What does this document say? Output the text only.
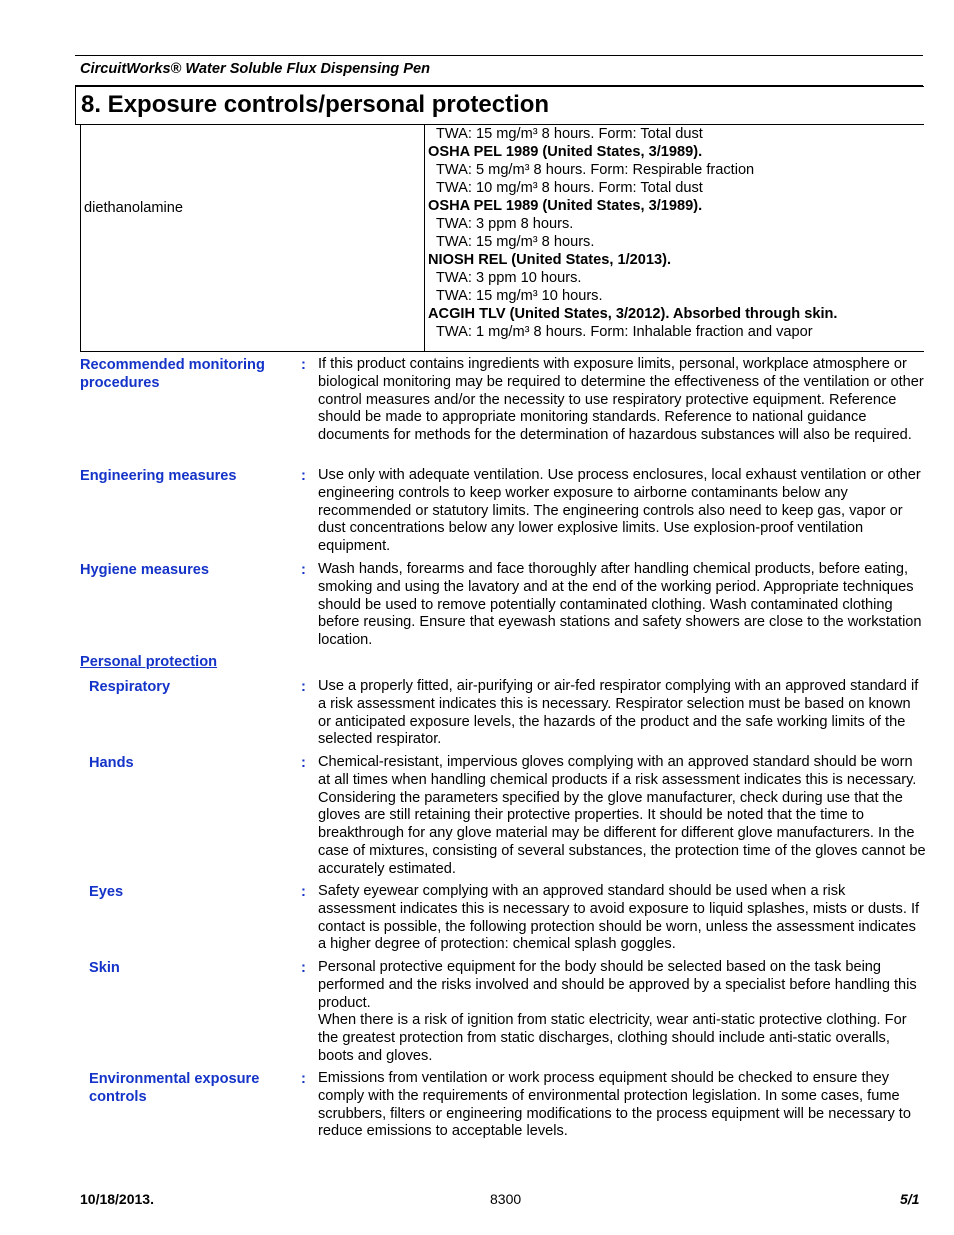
CircuitWorks® Water Soluble Flux Dispensing Pen
8. Exposure controls/personal protection
diethanolamine
TWA: 15 mg/m³ 8 hours. Form: Total dust
OSHA PEL 1989 (United States, 3/1989).
TWA: 5 mg/m³ 8 hours. Form: Respirable fraction
TWA: 10 mg/m³ 8 hours. Form: Total dust
OSHA PEL 1989 (United States, 3/1989).
TWA: 3 ppm 8 hours.
TWA: 15 mg/m³ 8 hours.
NIOSH REL (United States, 1/2013).
TWA: 3 ppm 10 hours.
TWA: 15 mg/m³ 10 hours.
ACGIH TLV (United States, 3/2012). Absorbed through skin.
TWA: 1 mg/m³ 8 hours. Form: Inhalable fraction and vapor
Recommended monitoring procedures
: If this product contains ingredients with exposure limits, personal, workplace atmosphere or biological monitoring may be required to determine the effectiveness of the ventilation or other control measures and/or the necessity to use respiratory protective equipment. Reference should be made to appropriate monitoring standards. Reference to national guidance documents for methods for the determination of hazardous substances will also be required.
Engineering measures	: Use only with adequate ventilation. Use process enclosures, local exhaust ventilation or other engineering controls to keep worker exposure to airborne contaminants below any recommended or statutory limits. The engineering controls also need to keep gas, vapor or dust concentrations below any lower explosive limits. Use explosion-proof ventilation equipment.
Hygiene measures	: Wash hands, forearms and face thoroughly after handling chemical products, before eating, smoking and using the lavatory and at the end of the working period. Appropriate techniques should be used to remove potentially contaminated clothing. Wash contaminated clothing before reusing. Ensure that eyewash stations and safety showers are close to the workstation location.
Personal protection
Respiratory	: Use a properly fitted, air-purifying or air-fed respirator complying with an approved standard if a risk assessment indicates this is necessary. Respirator selection must be based on known or anticipated exposure levels, the hazards of the product and the safe working limits of the selected respirator.
Hands	: Chemical-resistant, impervious gloves complying with an approved standard should be worn at all times when handling chemical products if a risk assessment indicates this is necessary. Considering the parameters specified by the glove manufacturer, check during use that the gloves are still retaining their protective properties. It should be noted that the time to breakthrough for any glove material may be different for different glove manufacturers. In the case of mixtures, consisting of several substances, the protection time of the gloves cannot be accurately estimated.
Eyes	: Safety eyewear complying with an approved standard should be used when a risk assessment indicates this is necessary to avoid exposure to liquid splashes, mists or dusts. If contact is possible, the following protection should be worn, unless the assessment indicates a higher degree of protection: chemical splash goggles.
Skin	: Personal protective equipment for the body should be selected based on the task being performed and the risks involved and should be approved by a specialist before handling this product.

When there is a risk of ignition from static electricity, wear anti-static protective clothing. For the greatest protection from static discharges, clothing should include anti-static overalls, boots and gloves.

Environmental exposure controls
: Emissions from ventilation or work process equipment should be checked to ensure they comply with the requirements of environmental protection legislation. In some cases, fume scrubbers, filters or engineering modifications to the process equipment will be necessary to reduce emissions to acceptable levels.
10/18/2013.	8300	5/1
